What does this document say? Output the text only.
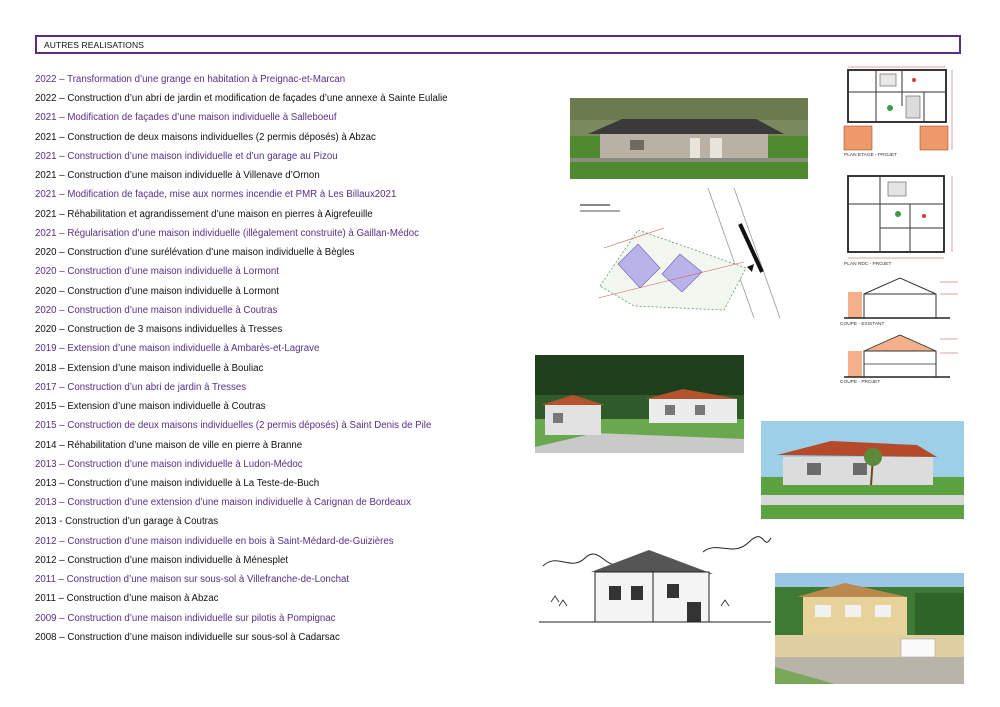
AUTRES REALISATIONS
2022 – Transformation d’une grange en habitation à Preignac-et-Marcan
2022 – Construction d’un abri de jardin et modification de façades d’une annexe à Sainte Eulalie
2021 – Modification de façades d’une maison individuelle à Salleboeuf
2021 – Construction de deux maisons individuelles (2 permis déposés) à Abzac
2021 – Construction d’une maison individuelle et d’un garage au Pizou
2021 – Construction d’une maison individuelle à Villenave d’Ornon
2021 – Modification de façade, mise aux normes incendie et PMR à Les Billaux2021
2021 – Réhabilitation et agrandissement d’une maison en pierres à Aigrefeuille
2021 – Régularisation d’une maison individuelle (illégalement construite) à Gaillan-Médoc
2020 – Construction d’une surélévation d’une maison individuelle à Bègles
2020 – Construction d’une maison individuelle à Lormont
2020 – Construction d’une maison individuelle à Lormont
2020 – Construction d’une maison individuelle à Coutras
2020 – Construction de 3 maisons individuelles à Tresses
2019 – Extension d’une maison individuelle à Ambarès-et-Lagrave
2018 – Extension d’une maison individuelle à Bouliac
2017 – Construction d’un abri de jardin à Tresses
2015 – Extension d’une maison individuelle à Coutras
2015 – Construction de deux maisons individuelles (2 permis déposés) à Saint Denis de Pile
2014 – Réhabilitation d’une maison de ville en pierre à Branne
2013 – Construction d’une maison individuelle à Ludon-Médoc
2013 – Construction d’une maison individuelle à La Teste-de-Buch
2013 – Construction d’une extension d’une maison individuelle à Carignan de Bordeaux
2013 - Construction d’un garage à Coutras
2012 – Construction d’une maison individuelle en bois à Saint-Médard-de-Guizières
2012 – Construction d’une maison individuelle à Ménesplet
2011 – Construction d’une maison sur sous-sol à Villefranche-de-Lonchat
2011 – Construction d’une maison à Abzac
2009 – Construction d’une maison individuelle sur pilotis à Pompignac
2008 – Construction d’une maison individuelle sur sous-sol à Cadarsac
PLAN ETAGE - PROJET
PLAN RDC - PROJET
COUPE - EXISTANT
COUPE - PROJET
